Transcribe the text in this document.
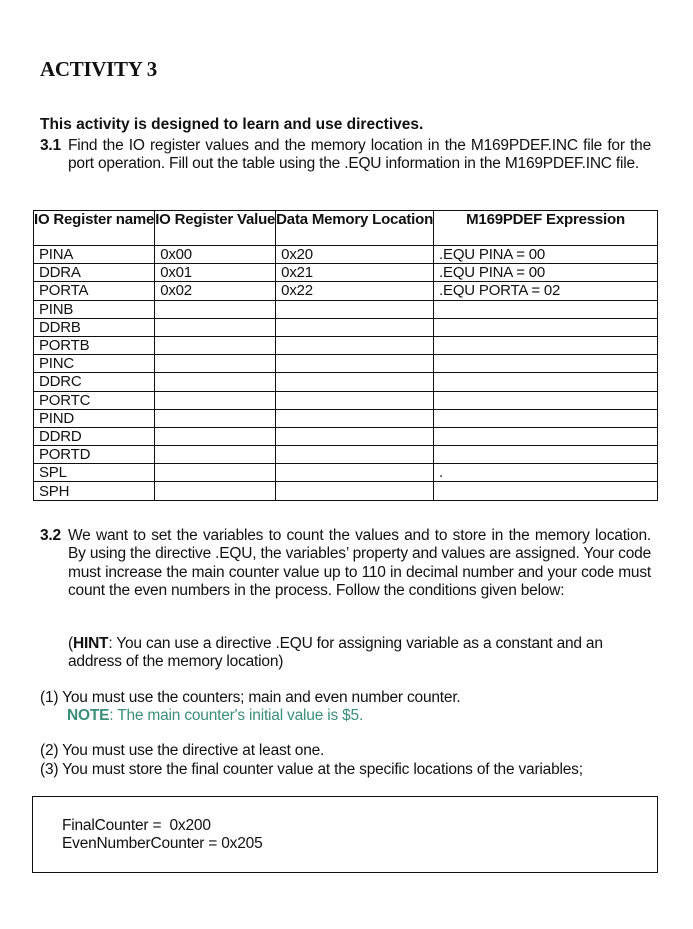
ACTIVITY 3
This activity is designed to learn and use directives.
3.1 Find the IO register values and the memory location in the M169PDEF.INC file for the port operation. Fill out the table using the .EQU information in the M169PDEF.INC file.
IO Register name	IO Register Value	Data Memory Location	M169PDEF Expression
PINA	0x00	0x20	.EQU PINA = 00
DDRA	0x01	0x21	.EQU PINA = 00
PORTA	0x02	0x22	.EQU PORTA = 02
PINB			
DDRB			
PORTB			
PINC			
DDRC			
PORTC			
PIND			
DDRD			
PORTD			
SPL			.
SPH			
3.2 We want to set the variables to count the values and to store in the memory location. By using the directive .EQU, the variables’ property and values are assigned. Your code must increase the main counter value up to 110 in decimal number and your code must count the even numbers in the process. Follow the conditions given below:
(HINT: You can use a directive .EQU for assigning variable as a constant and an address of the memory location)
(1) You must use the counters; main and even number counter.
NOTE: The main counter's initial value is $5.
(2) You must use the directive at least one.
(3) You must store the final counter value at the specific locations of the variables;
FinalCounter =  0x200
EvenNumberCounter = 0x205
